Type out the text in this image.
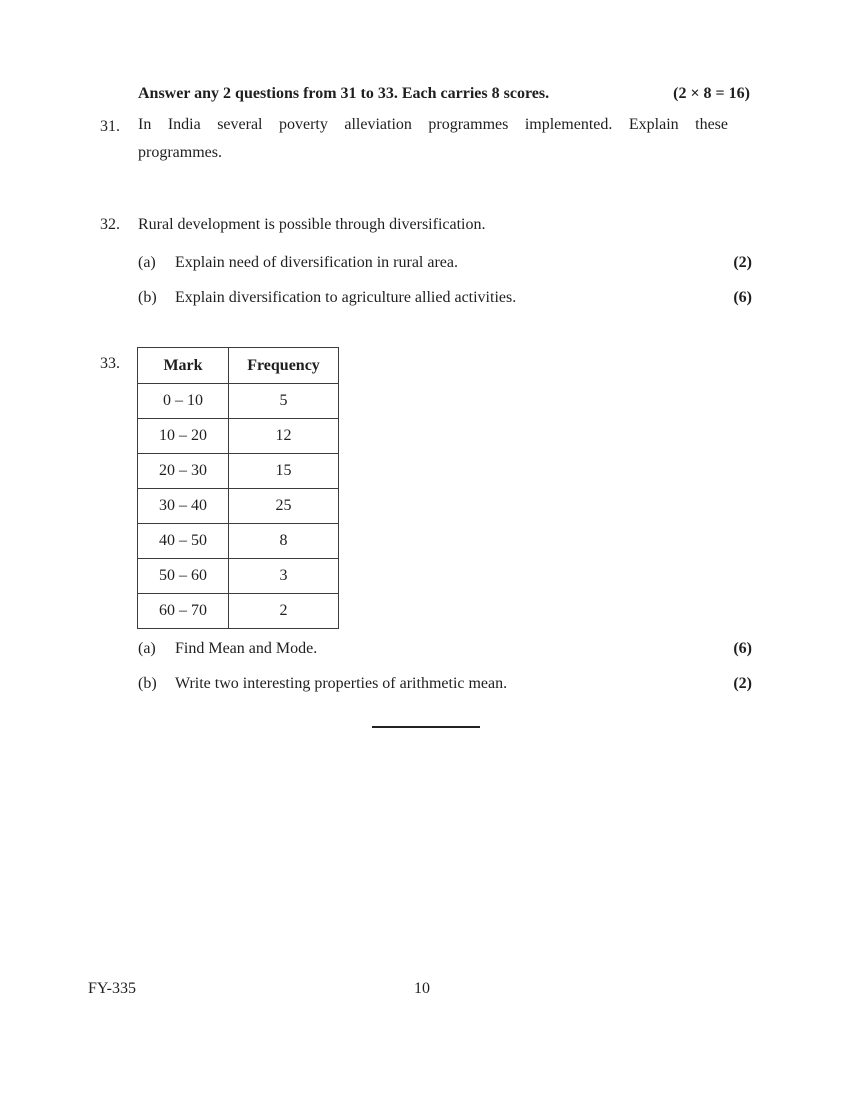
Answer any 2 questions from 31 to 33. Each carries 8 scores.	(2 × 8 = 16)
31. In India several poverty alleviation programmes implemented. Explain these
programmes.
32. Rural development is possible through diversification.
(a)	Explain need of diversification in rural area.	(2)
(b)	Explain diversification to agriculture allied activities.	(6)
33.	Mark	Frequency
0 – 10	5
10 – 20	12
20 – 30	15
30 – 40	25
40 – 50	8
50 – 60	3
60 – 70	2
(a)	Find Mean and Mode.	(6)
(b)	Write two interesting properties of arithmetic mean.	(2)
FY-335	10
